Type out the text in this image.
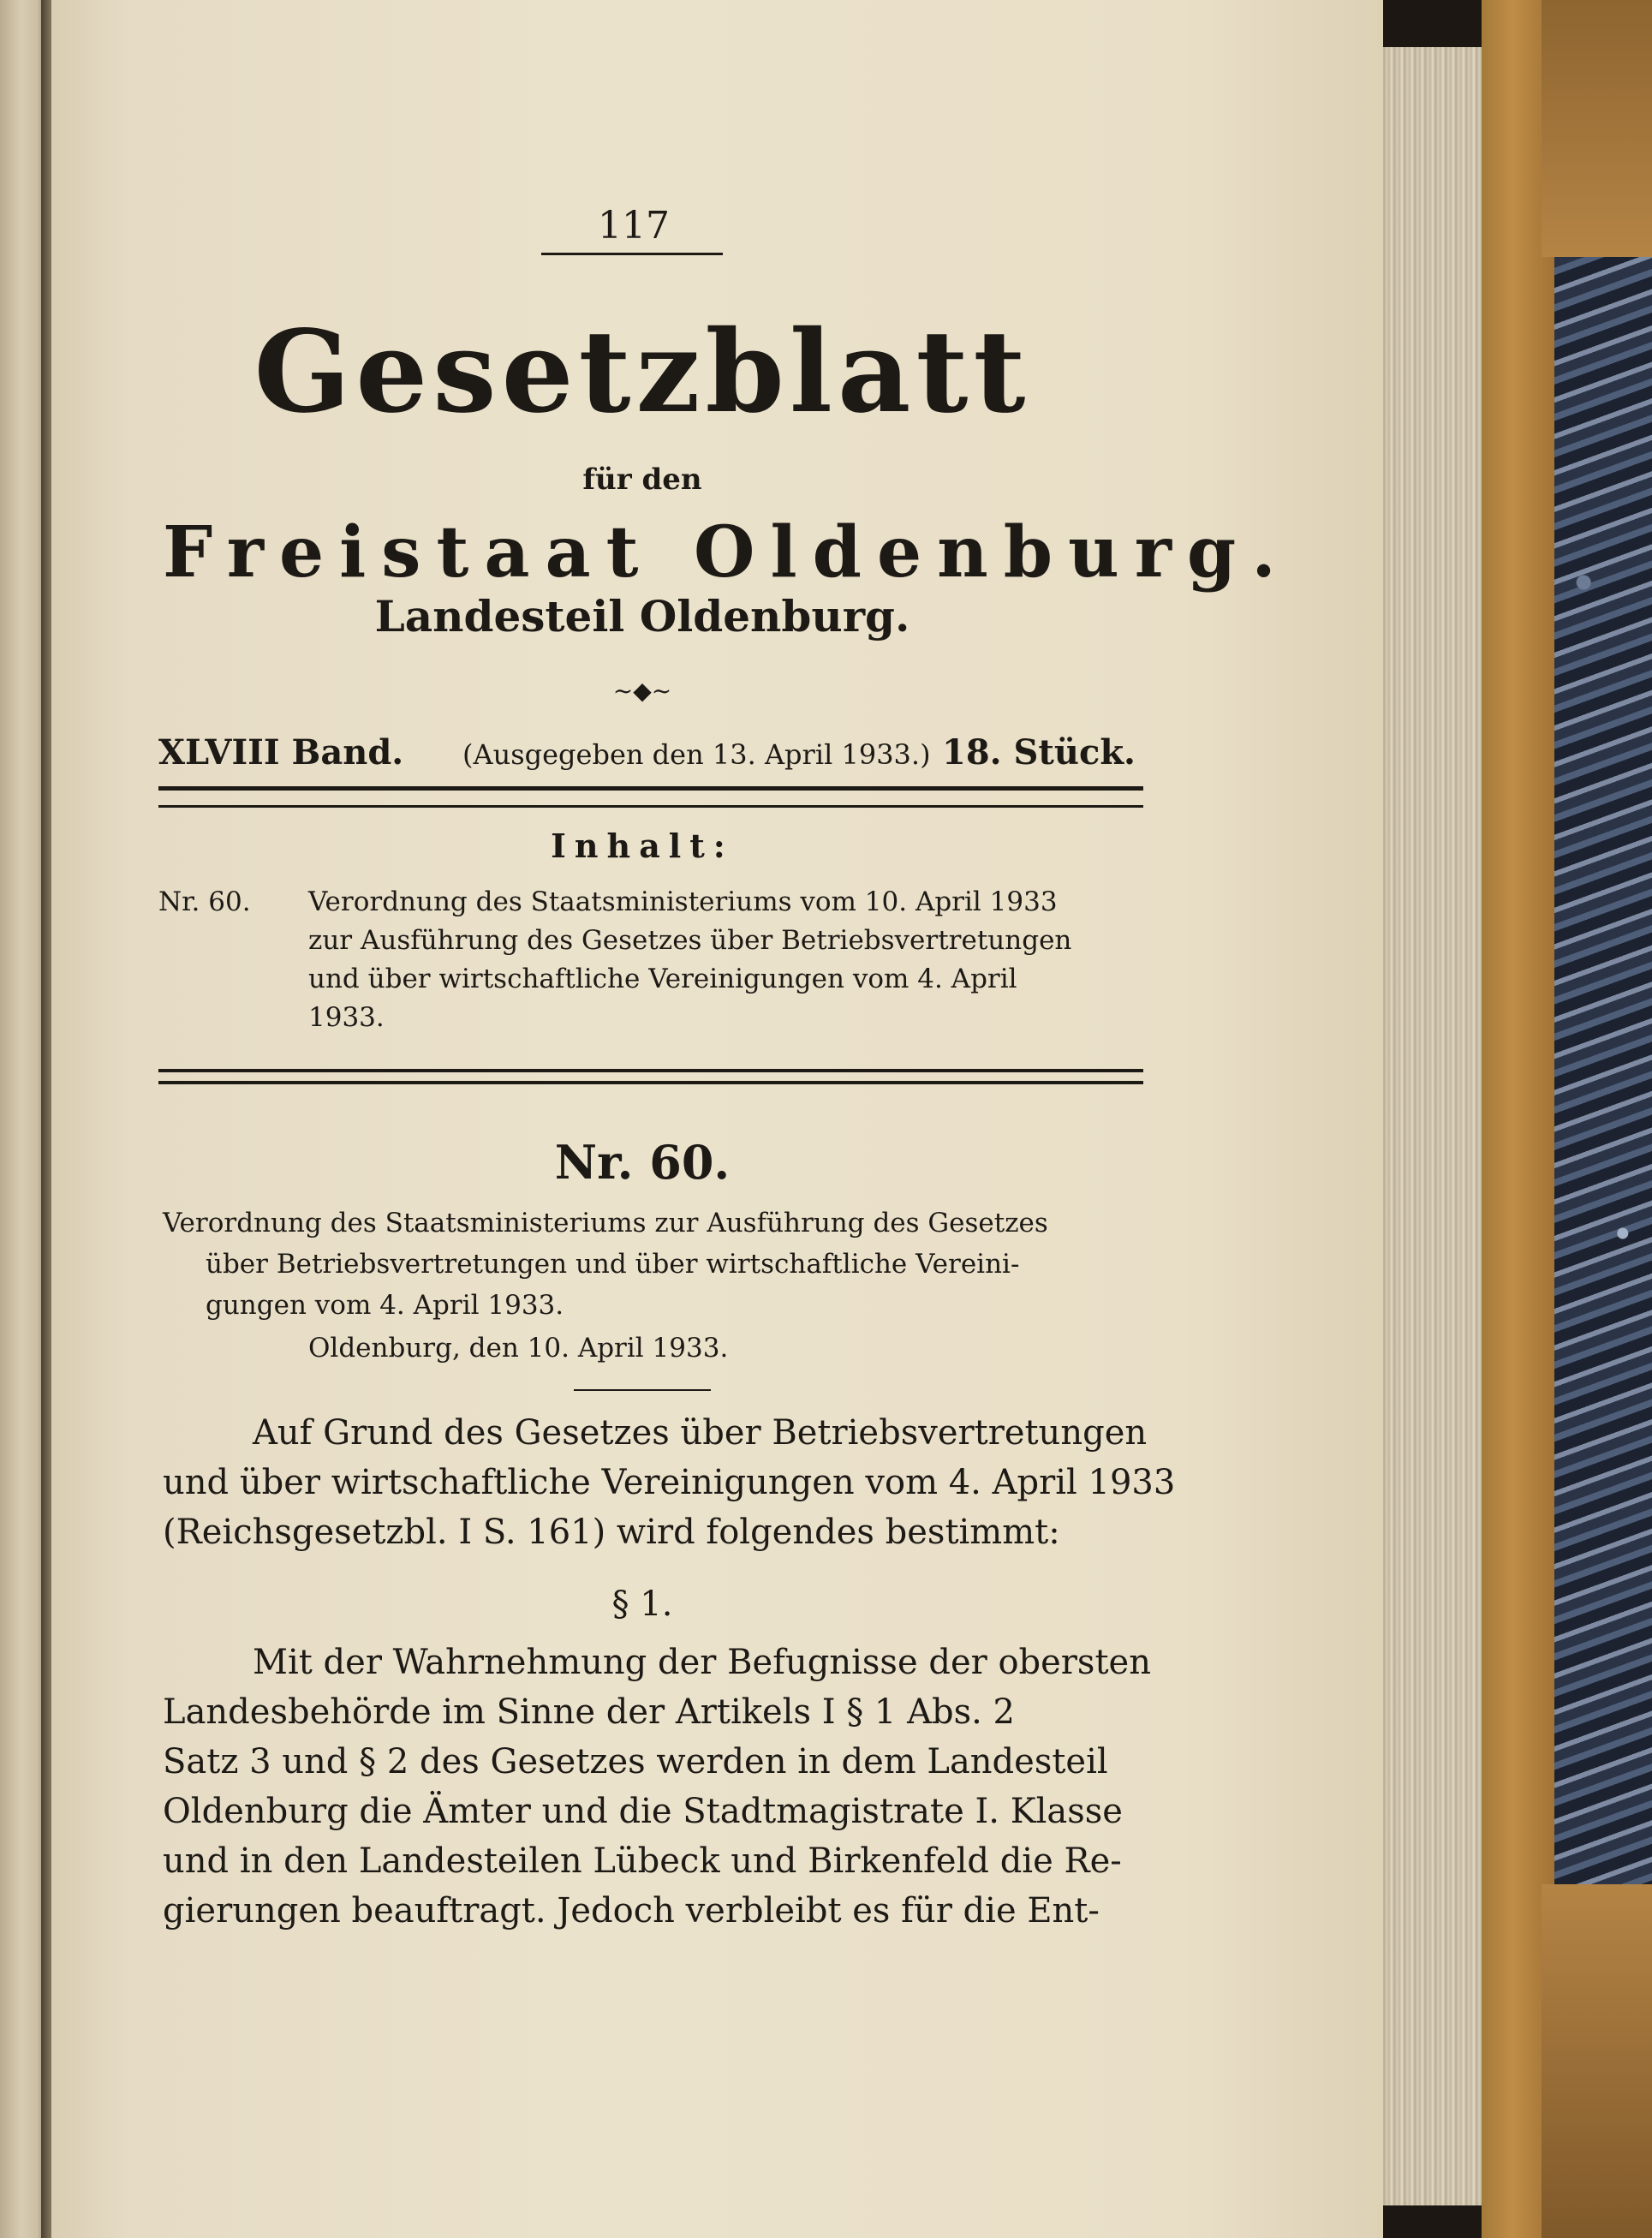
117
Gesetzblatt
für den
Freistaat Oldenburg.
Landesteil Oldenburg.
~◆~
XLVIII Band. (Ausgegeben den 13. April 1933.) 18. Stück.
Inhalt:
Nr. 60. Verordnung des Staatsministeriums vom 10. April 1933
zur Ausführung des Gesetzes über Betriebsvertretungen
und über wirtschaftliche Vereinigungen vom 4. April
1933.
Nr. 60.
Verordnung des Staatsministeriums zur Ausführung des Gesetzes
über Betriebsvertretungen und über wirtschaftliche Vereini-
gungen vom 4. April 1933.
Oldenburg, den 10. April 1933.
Auf Grund des Gesetzes über Betriebsvertretungen
und über wirtschaftliche Vereinigungen vom 4. April 1933
(Reichsgesetzbl. I S. 161) wird folgendes bestimmt:
§ 1.
Mit der Wahrnehmung der Befugnisse der obersten
Landesbehörde im Sinne der Artikels I § 1 Abs. 2
Satz 3 und § 2 des Gesetzes werden in dem Landesteil
Oldenburg die Ämter und die Stadtmagistrate I. Klasse
und in den Landesteilen Lübeck und Birkenfeld die Re-
gierungen beauftragt. Jedoch verbleibt es für die Ent-
